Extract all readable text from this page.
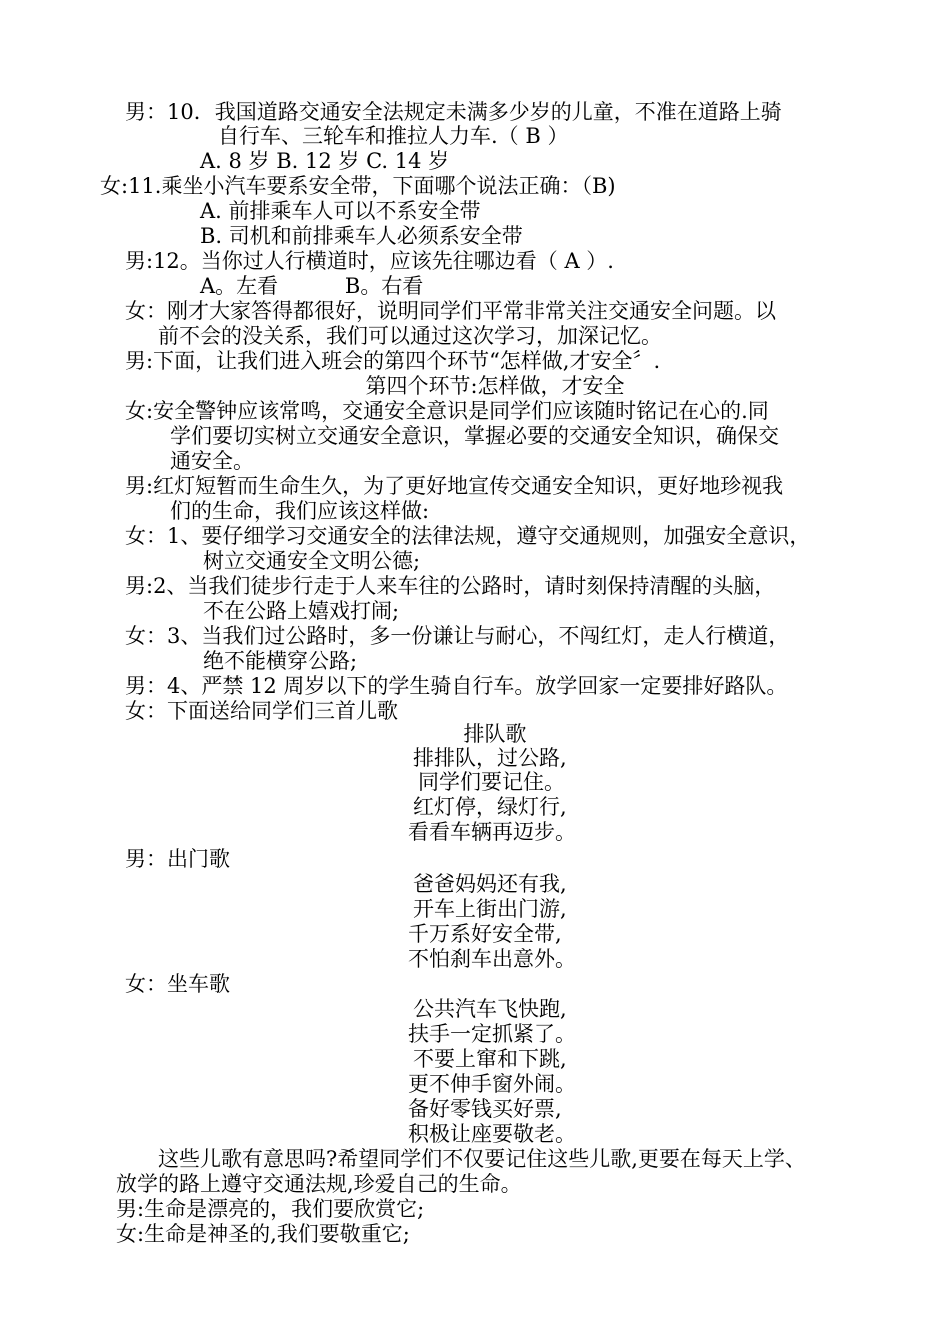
男：10．我国道路交通安全法规定未满多少岁的儿童，不准在道路上骑
自行车、三轮车和推拉人力车.（ B ）
A. 8 岁 B. 12 岁 C. 14 岁
女:11.乘坐小汽车要系安全带，下面哪个说法正确：（B)
A. 前排乘车人可以不系安全带
B. 司机和前排乘车人必须系安全带
男:12。当你过人行横道时，应该先往哪边看（ A ）.
A。左看          B。右看
女：刚才大家答得都很好，说明同学们平常非常关注交通安全问题。以
前不会的没关系，我们可以通过这次学习，加深记忆。
男:下面，让我们进入班会的第四个环节“怎样做,才安全〞.
第四个环节:怎样做，才安全
女:安全警钟应该常鸣，交通安全意识是同学们应该随时铭记在心的.同
学们要切实树立交通安全意识，掌握必要的交通安全知识，确保交
通安全。
男:红灯短暂而生命生久，为了更好地宣传交通安全知识，更好地珍视我
们的生命，我们应该这样做:
女：1、要仔细学习交通安全的法律法规，遵守交通规则，加强安全意识，
树立交通安全文明公德;
男:2、当我们徒步行走于人来车往的公路时，请时刻保持清醒的头脑，
不在公路上嬉戏打闹;
女：3、当我们过公路时，多一份谦让与耐心，不闯红灯，走人行横道，
绝不能横穿公路;
男：4、严禁 12 周岁以下的学生骑自行车。放学回家一定要排好路队。
女：下面送给同学们三首儿歌
排队歌
排排队，过公路,
同学们要记住。
红灯停，绿灯行,
看看车辆再迈步。
男：出门歌
爸爸妈妈还有我,
开车上街出门游,
千万系好安全带,
不怕刹车出意外。
女：坐车歌
公共汽车飞快跑,
扶手一定抓紧了。
不要上窜和下跳,
更不伸手窗外闹。
备好零钱买好票,
积极让座要敬老。
这些儿歌有意思吗?希望同学们不仅要记住这些儿歌,更要在每天上学、
放学的路上遵守交通法规,珍爱自己的生命。
男:生命是漂亮的，我们要欣赏它;
女:生命是神圣的,我们要敬重它;
